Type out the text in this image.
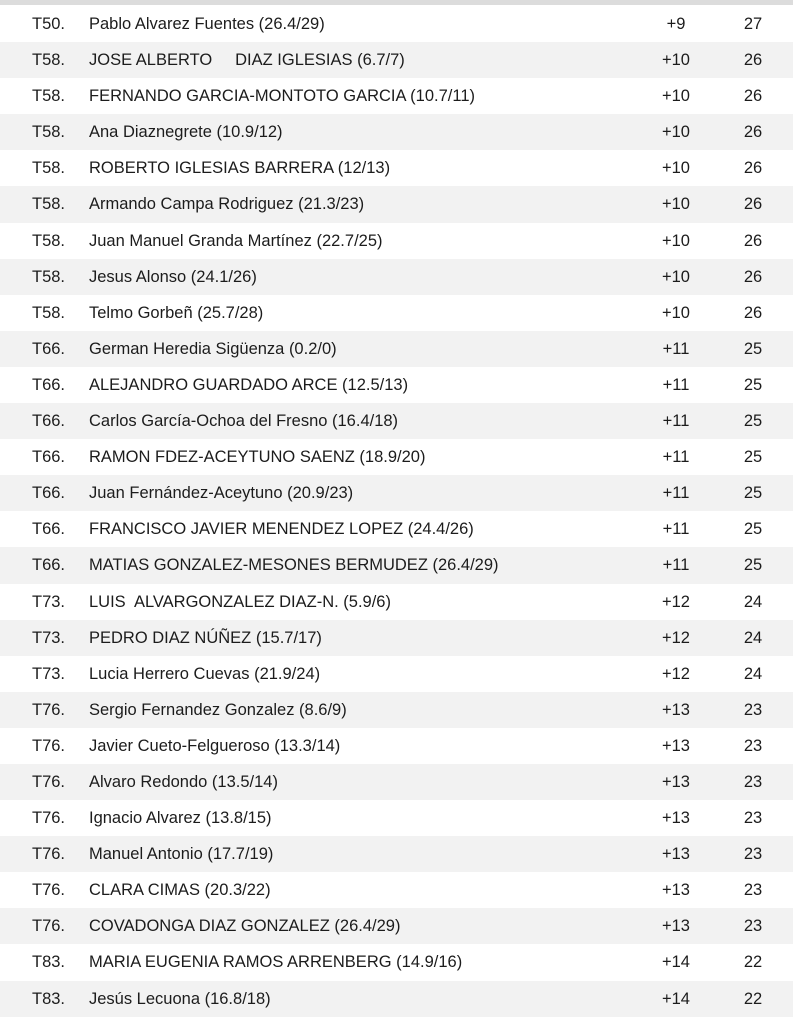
T50. Pablo Alvarez Fuentes (26.4/29)	+9	27
T58. JOSE ALBERTO     DIAZ IGLESIAS (6.7/7)	+10	26
T58. FERNANDO GARCIA-MONTOTO GARCIA (10.7/11)	+10	26
T58. Ana Diaznegrete (10.9/12)	+10	26
T58. ROBERTO IGLESIAS BARRERA (12/13)	+10	26
T58. Armando Campa Rodriguez (21.3/23)	+10	26
T58. Juan Manuel Granda Martínez (22.7/25)	+10	26
T58. Jesus Alonso (24.1/26)	+10	26
T58. Telmo Gorbeñ (25.7/28)	+10	26
T66. German Heredia Sigüenza (0.2/0)	+11	25
T66. ALEJANDRO GUARDADO ARCE (12.5/13)	+11	25
T66. Carlos García-Ochoa del Fresno (16.4/18)	+11	25
T66. RAMON FDEZ-ACEYTUNO SAENZ (18.9/20)	+11	25
T66. Juan Fernández-Aceytuno (20.9/23)	+11	25
T66. FRANCISCO JAVIER MENENDEZ LOPEZ (24.4/26)	+11	25
T66. MATIAS GONZALEZ-MESONES BERMUDEZ (26.4/29)	+11	25
T73. LUIS  ALVARGONZALEZ DIAZ-N. (5.9/6)	+12	24
T73. PEDRO DIAZ NÚÑEZ (15.7/17)	+12	24
T73. Lucia Herrero Cuevas (21.9/24)	+12	24
T76. Sergio Fernandez Gonzalez (8.6/9)	+13	23
T76. Javier Cueto-Felgueroso (13.3/14)	+13	23
T76. Alvaro Redondo (13.5/14)	+13	23
T76. Ignacio Alvarez (13.8/15)	+13	23
T76. Manuel Antonio (17.7/19)	+13	23
T76. CLARA CIMAS (20.3/22)	+13	23
T76. COVADONGA DIAZ GONZALEZ (26.4/29)	+13	23
T83. MARIA EUGENIA RAMOS ARRENBERG (14.9/16)	+14	22
T83. Jesús Lecuona (16.8/18)	+14	22
